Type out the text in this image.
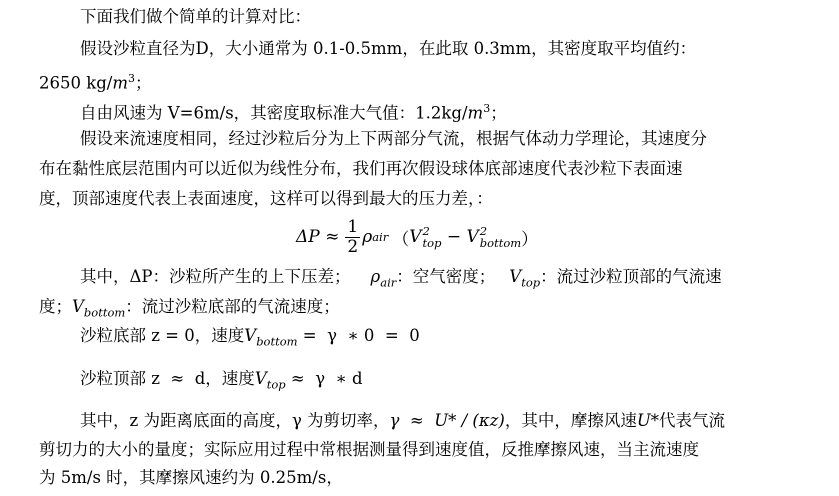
下面我们做个简单的计算对比：
假设沙粒直径为D，大小通常为 0.1-0.5mm，在此取 0.3mm，其密度取平均值约：
2650 $kg/m^3$；
自由风速为 V=6m/s，其密度取标准大气值：$1.2kg/m^3$；
假设来流速度相同，经过沙粒后分为上下两部分气流，根据气体动力学理论，其速度分
布在黏性底层范围内可以近似为线性分布，我们再次假设球体底部速度代表沙粒下表面速
度，顶部速度代表上表面速度，这样可以得到最大的压力差，：
$\Delta P \approx \frac{1}{2}$ ρ air （ V 2
top − V 2
bottom ）
其中，ΔP：沙粒所产生的上下压差； $\rho_{air}$：空气密度； $V_{top}$：流过沙粒顶部的气流速
度；$V_{bottom}$：流过沙粒底部的气流速度；
沙粒底部 z = 0，速度$V_{bottom} = \gamma$  ∗ 0  =  0
沙粒顶部 z  ≈  d，速度$V_{top} \approx \gamma$  ∗ d
其中，z 为距离底面的高度，γ 为剪切率，γ  ≈  U* / (κz)，其中，摩擦风速U*代表气流
剪切力的大小的量度；实际应用过程中常根据测量得到速度值，反推摩擦风速，当主流速度
为 5m/s 时，其摩擦风速约为 0.25m/s，
